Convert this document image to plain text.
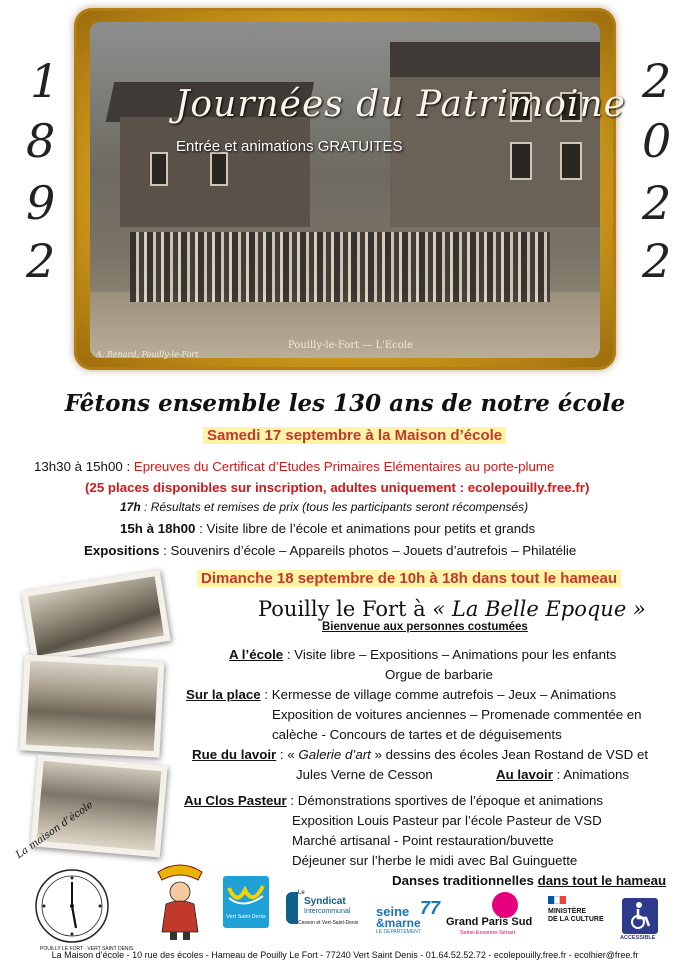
1
8
9
2
2
0
2
2
Journées du Patrimoine
Entrée et animations GRATUITES
A. Renard, Pouilly-le-Fort
Pouilly-le-Fort — L'Ecole
Fêtons ensemble les 130 ans de notre école
Samedi 17 septembre à la Maison d’école
13h30 à 15h00 : Epreuves du Certificat d’Etudes Primaires Elémentaires au porte-plume
(25 places disponibles sur inscription, adultes uniquement : ecolepouilly.free.fr)
17h : Résultats et remises de prix (tous les participants seront récompensés)
15h à 18h00 : Visite libre de l’école et animations pour petits et grands
Expositions : Souvenirs d’école – Appareils photos – Jouets d’autrefois – Philatélie
Dimanche 18 septembre de 10h à 18h dans tout le hameau
Pouilly le Fort à « La Belle Epoque »
Bienvenue aux personnes costumées
A l’école : Visite libre – Expositions – Animations pour les enfants
Orgue de barbarie
Sur la place : Kermesse de village comme autrefois – Jeux – Animations
Exposition de voitures anciennes – Promenade commentée en
calèche - Concours de tartes et de déguisements
Rue du lavoir : « Galerie d’art » dessins des écoles Jean Rostand de VSD et
Jules Verne de Cesson	Au lavoir : Animations
Au Clos Pasteur : Démonstrations sportives de l’époque et animations
Exposition Louis Pasteur par l’école Pasteur de VSD
Marché artisanal - Point restauration/buvette
Déjeuner sur l’herbe le midi avec Bal Guinguette
Danses traditionnelles dans tout le hameau
La maison d’école
POUILLY LE FORT · VERT SAINT DENIS
Vert Saint Denis
Le
Syndicat
Intercommunal
Cesson et Vert-Saint-Denis
seine
&marne
77
LE DÉPARTEMENT
Grand Paris Sud
Seine-Essonne-Sénart
MINISTÈRE
DE LA CULTURE
ACCESSIBLE
La Maison d’école - 10 rue des écoles - Hameau de Pouilly Le Fort - 77240 Vert Saint Denis - 01.64.52.52.72 - ecolepouilly.free.fr - ecolhier@free.fr
